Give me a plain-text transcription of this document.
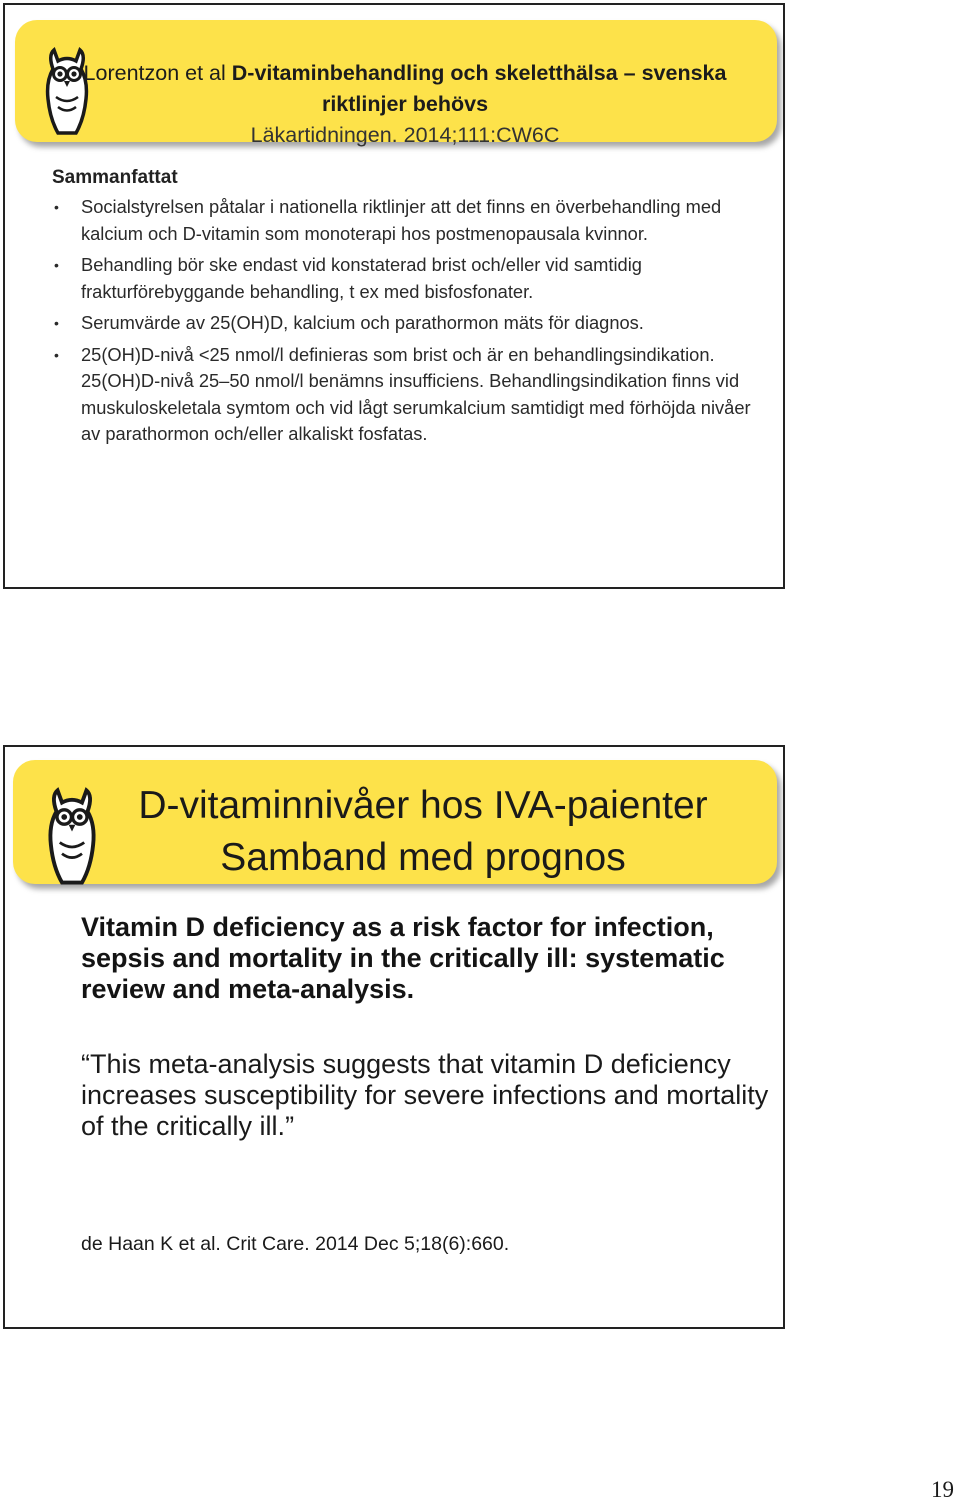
Lorentzon et al D-vitaminbehandling och skeletthälsa – svenska
riktlinjer behövs
Läkartidningen. 2014;111:CW6C
Sammanfattat
• Socialstyrelsen påtalar i nationella riktlinjer att det finns en överbehandling med kalcium och D-vitamin som monoterapi hos postmenopausala kvinnor.
• Behandling bör ske endast vid konstaterad brist och/eller vid samtidig frakturförebyggande behandling, t ex med bisfosfonater.
• Serumvärde av 25(OH)D, kalcium och parathormon mäts för diagnos.
• 25(OH)D-nivå <25 nmol/l definieras som brist och är en behandlingsindikation. 25(OH)D-nivå 25–50 nmol/l benämns insufficiens. Behandlingsindikation finns vid muskuloskeletala symtom och vid lågt serumkalcium samtidigt med förhöjda nivåer av parathormon och/eller alkaliskt fosfatas.
D-vitaminnivåer hos IVA-paienter
Samband med prognos
Vitamin D deficiency as a risk factor for infection, sepsis and mortality in the critically ill: systematic review and meta-analysis.
“This meta-analysis suggests that vitamin D deficiency increases susceptibility for severe infections and mortality of the critically ill.”
de Haan K et al. Crit Care. 2014 Dec 5;18(6):660.
19
